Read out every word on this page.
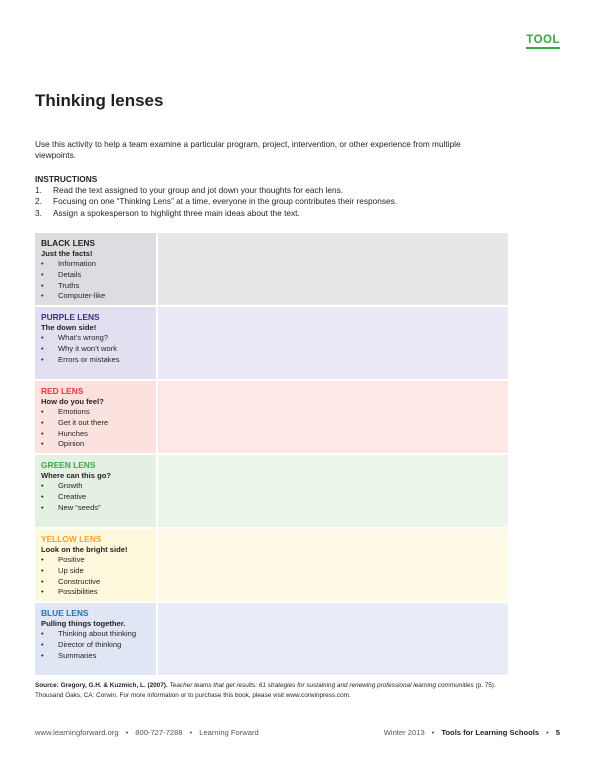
TOOL
Thinking lenses

Use this activity to help a team examine a particular program, project, intervention, or other experience from multiple viewpoints.

INSTRUCTIONS
1.	Read the text assigned to your group and jot down your thoughts for each lens.
2.	Focusing on one “Thinking Lens” at a time, everyone in the group contributes their responses.
3.	Assign a spokesperson to highlight three main ideas about the text.
BLACK LENS
Just the facts!
•	Information
•	Details
•	Truths
•	Computer-like
PURPLE LENS
The down side!
•	What’s wrong?
•	Why it won’t work
•	Errors or mistakes
RED LENS
How do you feel?
•	Emotions
•	Get it out there
•	Hunches
•	Opinion
GREEN LENS
Where can this go?
•	Growth
•	Creative
•	New “seeds”
YELLOW LENS
Look on the bright side!
•	Positive
•	Up side
•	Constructive
•	Possibilities
BLUE LENS
Pulling things together.
•	Thinking about thinking
•	Director of thinking
•	Summaries

Source: Gregory, G.H. & Kuzmich, L. (2007). Teacher teams that get results: 61 strategies for sustaining and renewing professional learning communities (p. 75). Thousand Oaks, CA: Corwin. For more information or to purchase this book, please visit www.corwinpress.com.

www.learningforward.org • 800-727-7288 • Learning Forward	Winter 2013 • Tools for Learning Schools • 5
